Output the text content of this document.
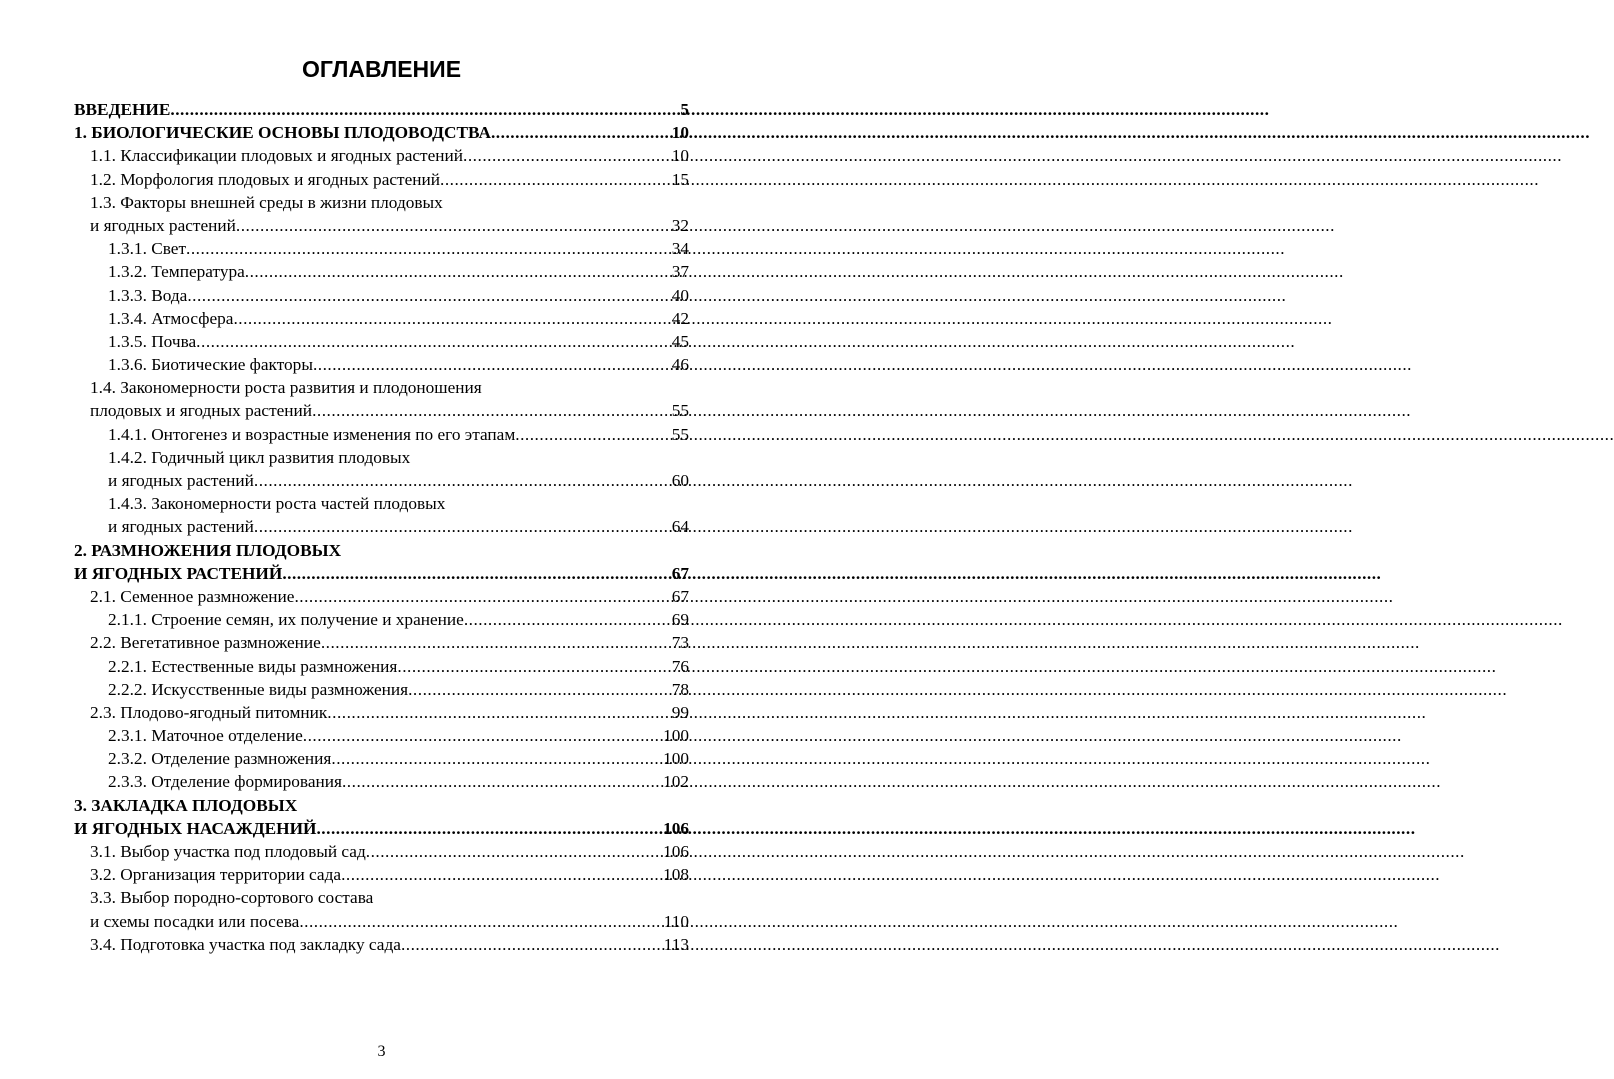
ОГЛАВЛЕНИЕ
ВВЕДЕНИЕ .....	5
1. БИОЛОГИЧЕСКИЕ ОСНОВЫ ПЛОДОВОДСТВА .....	10
1.1. Классификации плодовых и ягодных растений .....	10
1.2. Морфология плодовых и ягодных растений .....	15
1.3. Факторы внешней среды в жизни плодовых
и ягодных растений .....	32
1.3.1. Свет .....	34
1.3.2. Температура .....	37
1.3.3. Вода .....	40
1.3.4. Атмосфера .....	42
1.3.5. Почва .....	45
1.3.6. Биотические факторы .....	46
1.4. Закономерности роста развития и плодоношения
плодовых и ягодных растений .....	55
1.4.1. Онтогенез и возрастные изменения по его этапам .....	55
1.4.2. Годичный цикл развития плодовых
и ягодных растений .....	60
1.4.3. Закономерности роста частей плодовых
и ягодных растений .....	64
2. РАЗМНОЖЕНИЯ ПЛОДОВЫХ
И ЯГОДНЫХ РАСТЕНИЙ .....	67
2.1. Семенное размножение .....	67
2.1.1. Строение семян, их получение и хранение .....	69
2.2. Вегетативное размножение .....	73
2.2.1. Естественные виды размножения .....	76
2.2.2. Искусственные виды размножения .....	78
2.3. Плодово-ягодный питомник .....	99
2.3.1. Маточное отделение .....	100
2.3.2. Отделение размножения .....	100
2.3.3. Отделение формирования .....	102
3. ЗАКЛАДКА ПЛОДОВЫХ
И ЯГОДНЫХ НАСАЖДЕНИЙ .....	106
3.1. Выбор участка под плодовый сад .....	106
3.2. Организация территории сада .....	108
3.3. Выбор породно-сортового состава
и схемы посадки или посева .....	110
3.4. Подготовка участка под закладку сада .....	113
3
